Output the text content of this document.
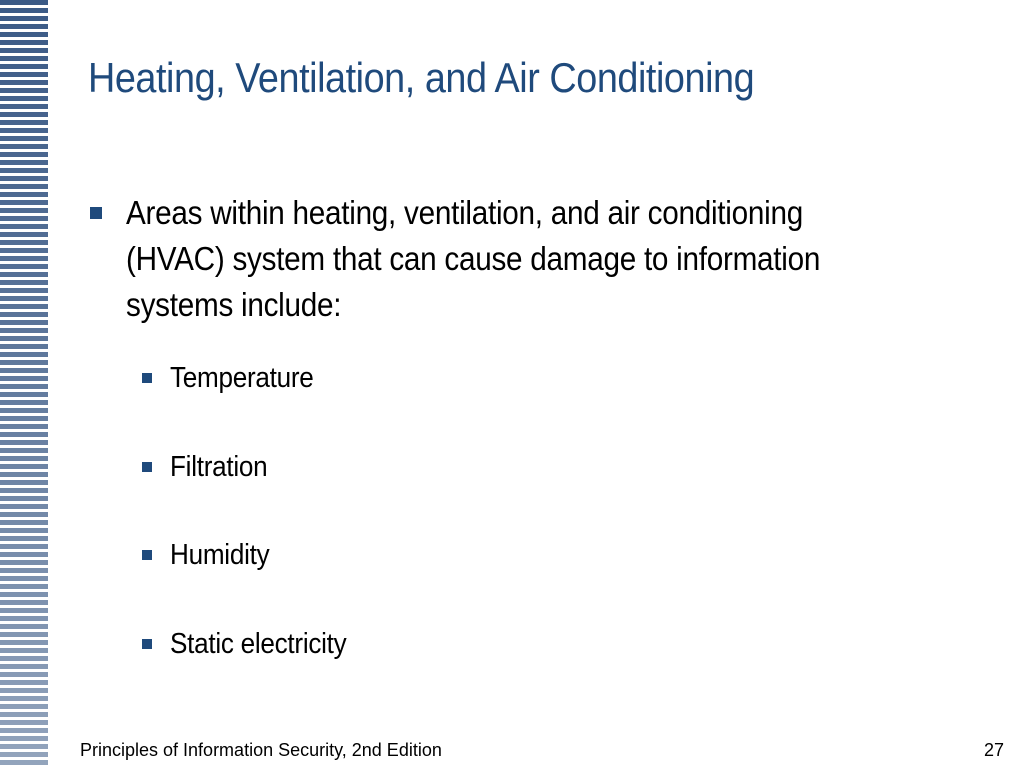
Heating, Ventilation, and Air Conditioning
Areas within heating, ventilation, and air conditioning
(HVAC) system that can cause damage to information
systems include:
Temperature
Filtration
Humidity
Static electricity
Principles of Information Security, 2nd Edition	27
